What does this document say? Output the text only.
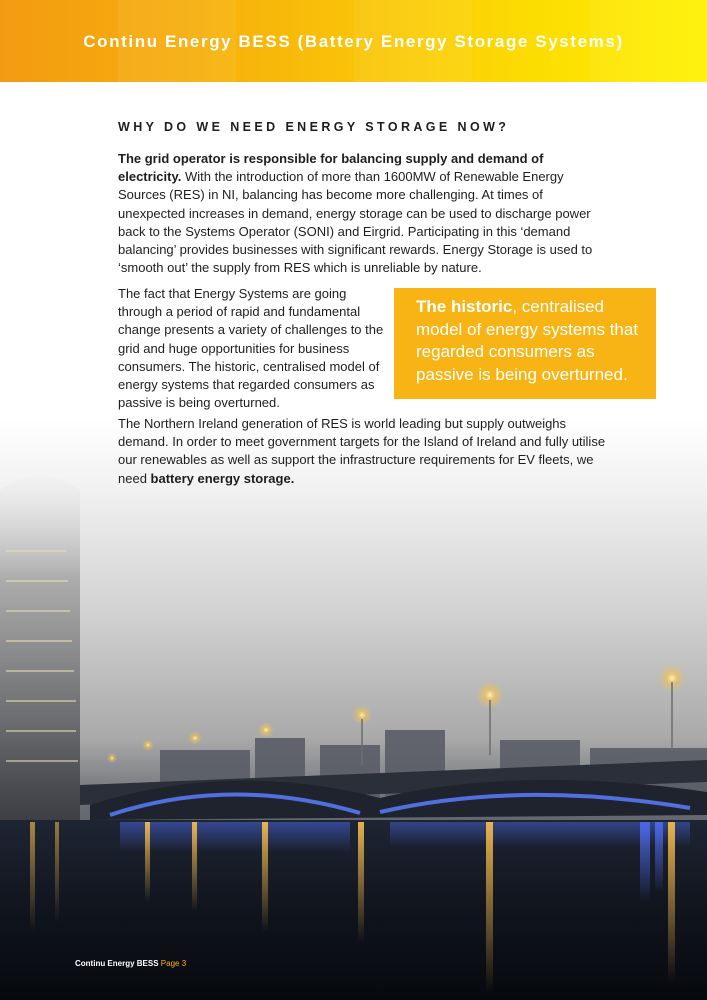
Continu Energy BESS (Battery Energy Storage Systems)
WHY DO WE NEED ENERGY STORAGE NOW?

The grid operator is responsible for balancing supply and demand of electricity. With the introduction of more than 1600MW of Renewable Energy Sources (RES) in NI, balancing has become more challenging. At times of unexpected increases in demand, energy storage can be used to discharge power back to the Systems Operator (SONI) and Eirgrid. Participating in this ‘demand balancing’ provides businesses with significant rewards. Energy Storage is used to ‘smooth out’ the supply from RES which is unreliable by nature.

The fact that Energy Systems are going through a period of rapid and fundamental change presents a variety of challenges to the grid and huge opportunities for business consumers. The historic, centralised model of energy systems that regarded consumers as passive is being overturned.

The historic, centralised model of energy systems that regarded consumers as passive is being overturned.

The Northern Ireland generation of RES is world leading but supply outweighs demand. In order to meet government targets for the Island of Ireland and fully utilise our renewables as well as support the infrastructure requirements for EV fleets, we need battery energy storage.

Continu Energy BESS Page 3
